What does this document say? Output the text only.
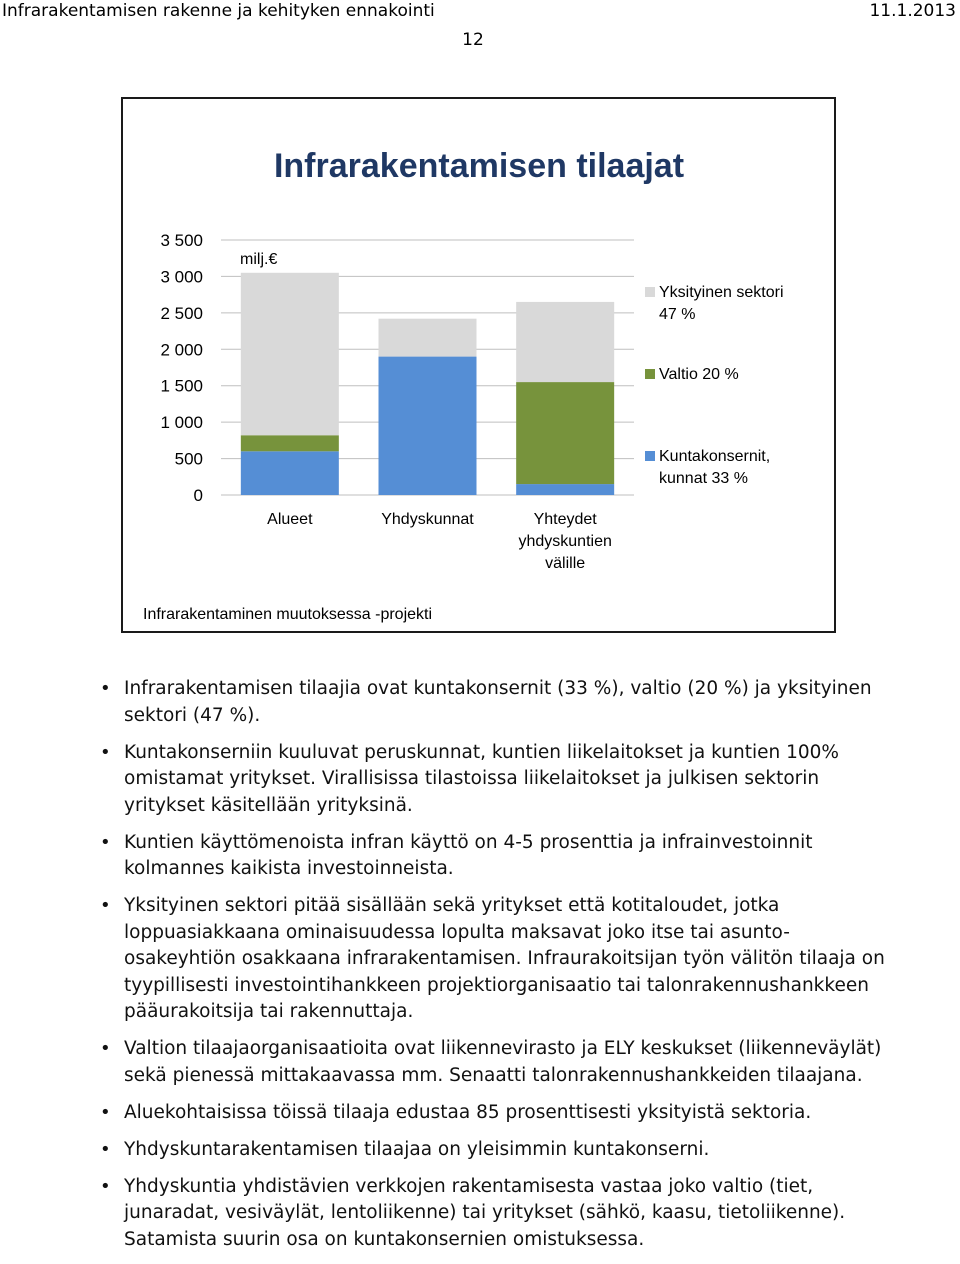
Infrarakentamisen rakenne ja kehityken ennakointi	11.1.2013
12
Infrarakentamisen tilaajat
0
500
1 000
1 500
2 000
2 500
3 000
3 500
milj.€
Alueet	Yhdyskunnat	Yhteydet
yhdyskuntien
välille
Yksityinen sektori
47 %
Valtio 20 %
Kuntakonsernit,
kunnat 33 %
Infrarakentaminen muutoksessa -projekti
• Infrarakentamisen tilaajia ovat kuntakonsernit (33 %), valtio (20 %) ja yksityinen sektori (47 %).
• Kuntakonserniin kuuluvat peruskunnat, kuntien liikelaitokset ja kuntien 100% omistamat yritykset. Virallisissa tilastoissa liikelaitokset ja julkisen sektorin yritykset käsitellään yrityksinä.
• Kuntien käyttömenoista infran käyttö on 4-5 prosenttia ja infrainvestoinnit kolmannes kaikista investoinneista.
• Yksityinen sektori pitää sisällään sekä yritykset että kotitaloudet, jotka loppuasiakkaana ominaisuudessa lopulta maksavat joko itse tai asunto-osakeyhtiön osakkaana infrarakentamisen. Infraurakoitsijan työn välitön tilaaja on tyypillisesti investointihankkeen projektiorganisaatio tai talonrakennushankkeen pääurakoitsija tai rakennuttaja.
• Valtion tilaajaorganisaatioita ovat liikennevirasto ja ELY keskukset (liikenneväylät) sekä pienessä mittakaavassa mm. Senaatti talonrakennushankkeiden tilaajana.
• Aluekohtaisissa töissä tilaaja edustaa 85 prosenttisesti yksityistä sektoria.
• Yhdyskuntarakentamisen tilaajaa on yleisimmin kuntakonserni.
• Yhdyskuntia yhdistävien verkkojen rakentamisesta vastaa joko valtio (tiet, junaradat, vesiväylät, lentoliikenne) tai yritykset (sähkö, kaasu, tietoliikenne). Satamista suurin osa on kuntakonsernien omistuksessa.
